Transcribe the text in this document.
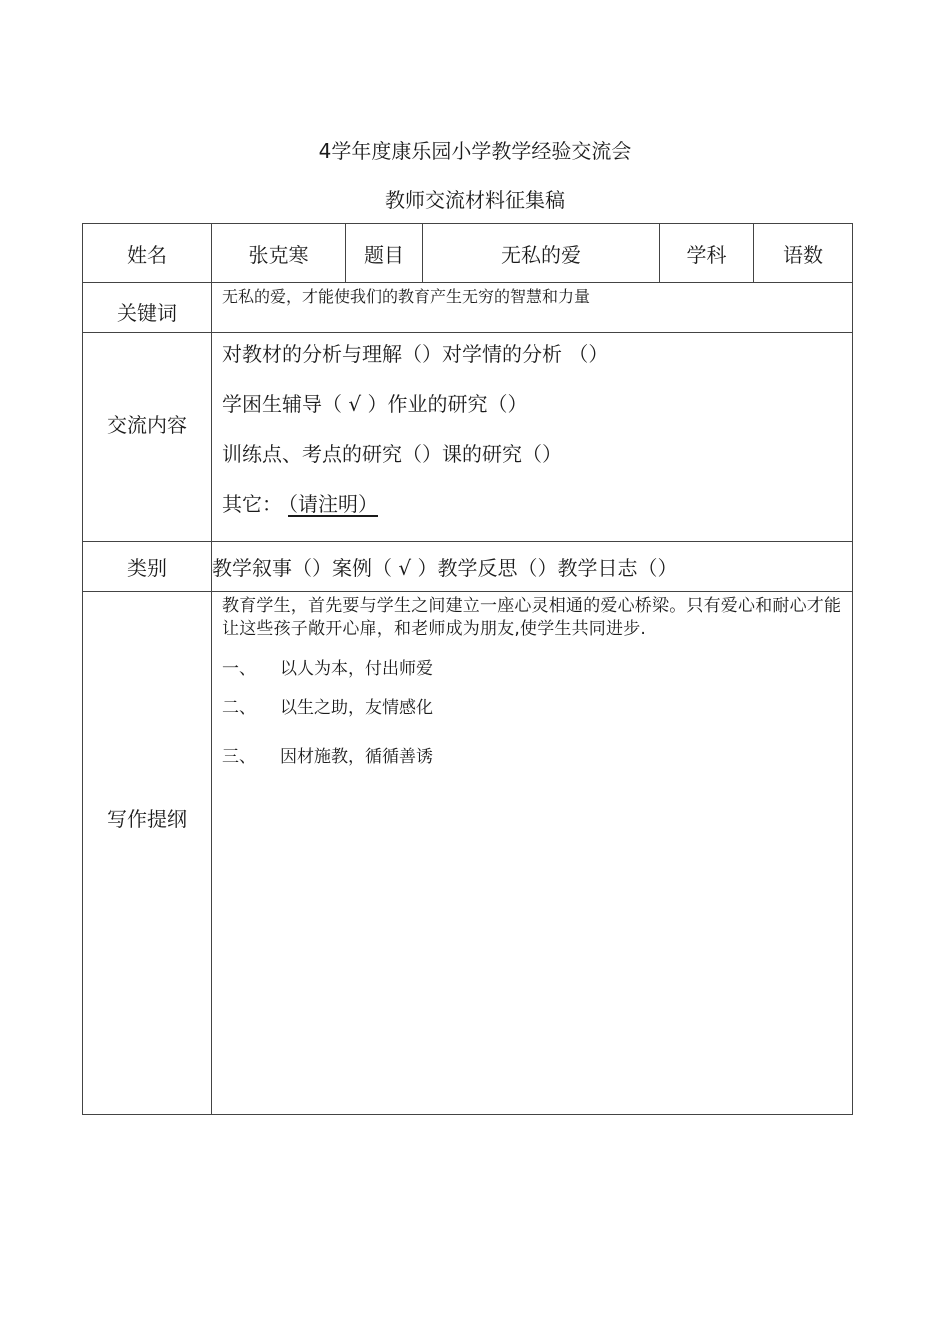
4学年度康乐园小学教学经验交流会
教师交流材料征集稿
姓名	张克寒	题目	无私的爱	学科	语数

关键词	无私的爱，才能使我们的教育产生无穷的智慧和力量				

交流内容	对教材的分析与理解（）对学情的分析 （）
学困生辅导（ √ ）作业的研究（）
训练点、考点的研究（）课的研究（）
其它： （请注明）				

类别	教学叙事（）案例（ √ ）教学反思（）教学日志（）				

写作提纲	教育学生，首先要与学生之间建立一座心灵相通的爱心桥梁。只有爱心和耐心才能让这些孩子敞开心扉，和老师成为朋友,使学生共同进步.
一、 以人为本，付出师爱
二、 以生之助，友情感化
三、 因材施教，循循善诱				
